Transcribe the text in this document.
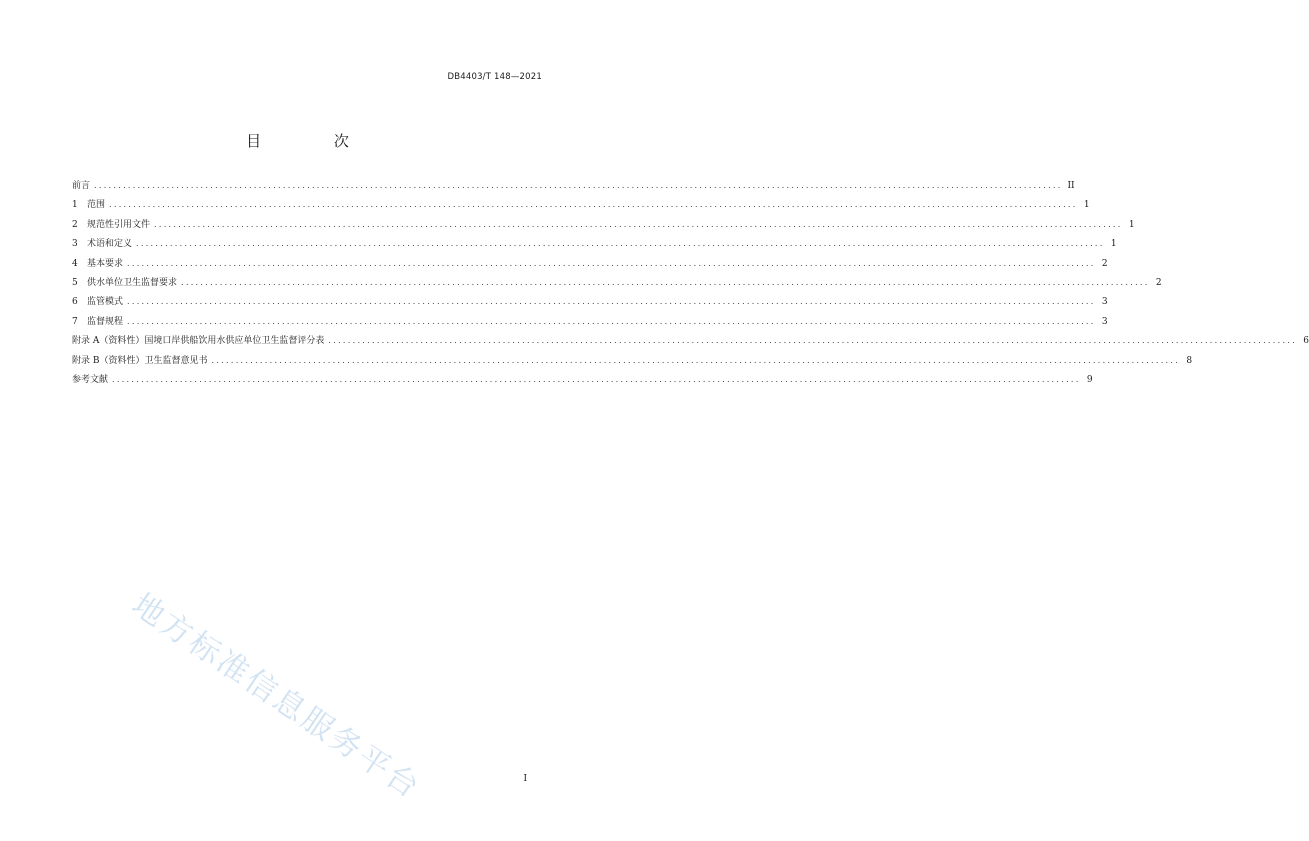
DB4403/T 148—2021
目 次
前言 ........................................................................................................................................................................................................ II
1	范围 ........................................................................................................................................................................................................ 1
2	规范性引用文件 ........................................................................................................................................................................................................ 1
3	术语和定义 ........................................................................................................................................................................................................ 1
4	基本要求 ........................................................................................................................................................................................................ 2
5	供水单位卫生监督要求 ........................................................................................................................................................................................................ 2
6	监管模式 ........................................................................................................................................................................................................ 3
7	监督规程 ........................................................................................................................................................................................................ 3
附录 A（资料性） 国境口岸供船饮用水供应单位卫生监督评分表 ........................................................................................................................................................................................................ 6
附录 B（资料性） 卫生监督意见书 ........................................................................................................................................................................................................ 8
参考文献 ........................................................................................................................................................................................................ 9
地方标准信息服务平台	I
